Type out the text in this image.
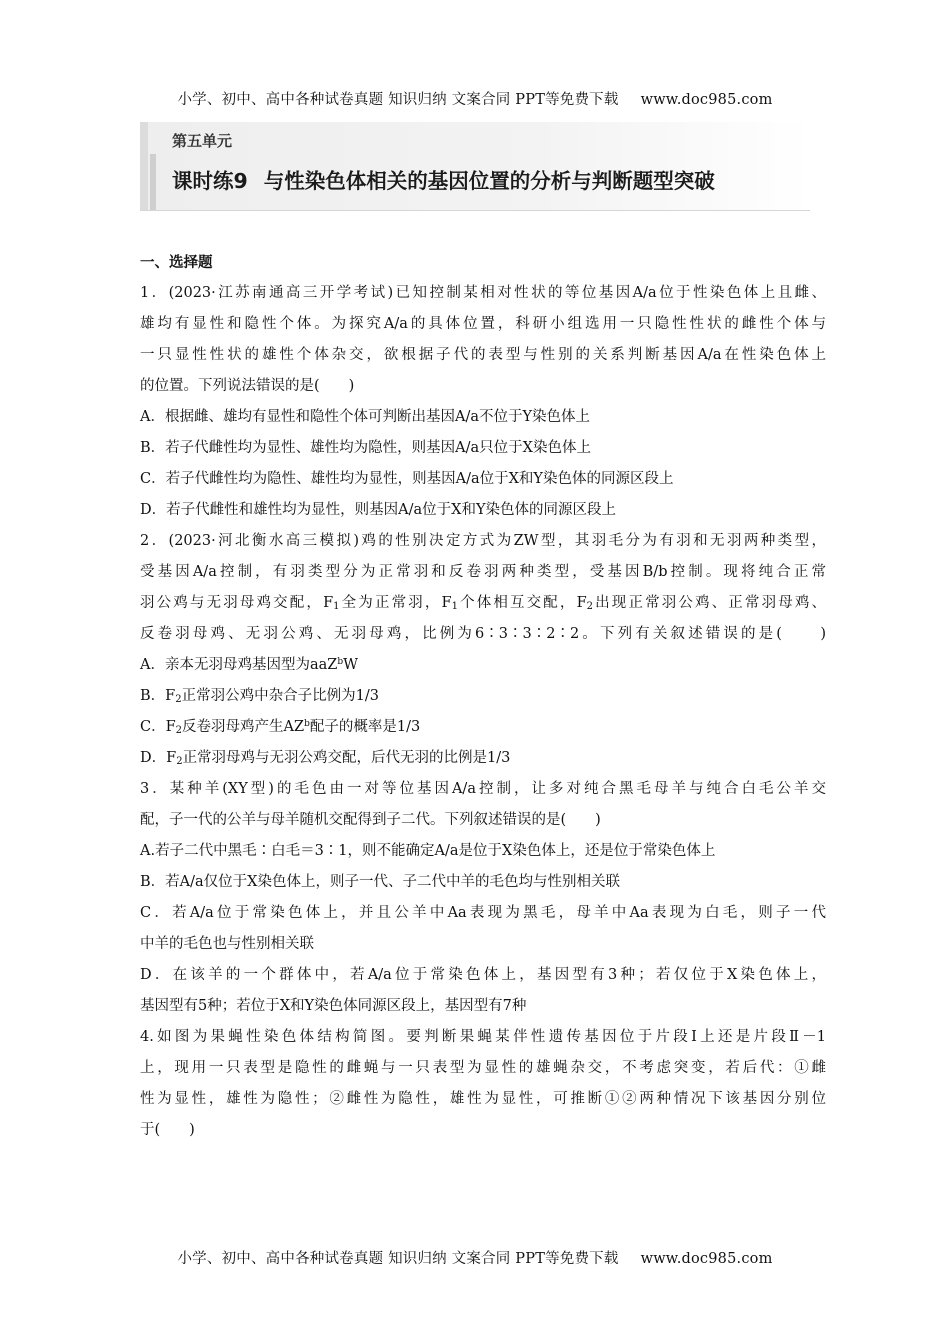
小学、初中、高中各种试卷真题 知识归纳 文案合同 PPT等免费下载 www.doc985.com
第五单元
课时练9 与性染色体相关的基因位置的分析与判断题型突破
一、选择题
1．(2023·江苏南通高三开学考试)已知控制某相对性状的等位基因A/a位于性染色体上且雌、
雄均有显性和隐性个体。为探究A/a的具体位置，科研小组选用一只隐性性状的雌性个体与
一只显性性状的雄性个体杂交，欲根据子代的表型与性别的关系判断基因A/a在性染色体上
的位置。下列说法错误的是(　　)
A．根据雌、雄均有显性和隐性个体可判断出基因A/a不位于Y染色体上
B．若子代雌性均为显性、雄性均为隐性，则基因A/a只位于X染色体上
C．若子代雌性均为隐性、雄性均为显性，则基因A/a位于X和Y染色体的同源区段上
D．若子代雌性和雄性均为显性，则基因A/a位于X和Y染色体的同源区段上
2．(2023·河北衡水高三模拟)鸡的性别决定方式为ZW型，其羽毛分为有羽和无羽两种类型，
受基因A/a控制，有羽类型分为正常羽和反卷羽两种类型，受基因B/b控制。现将纯合正常
羽公鸡与无羽母鸡交配，$F_1$全为正常羽，$F_1$个体相互交配，$F_2$出现正常羽公鸡、正常羽母鸡、
反卷羽母鸡、无羽公鸡、无羽母鸡，比例为6∶3∶3∶2∶2。下列有关叙述错误的是(　　)
A．亲本无羽母鸡基因型为aaZ$^b$W
B．$F_2$正常羽公鸡中杂合子比例为1/3
C．$F_2$反卷羽母鸡产生$AZ^b$配子的概率是1/3
D．$F_2$正常羽母鸡与无羽公鸡交配，后代无羽的比例是1/3
3．某种羊(XY型)的毛色由一对等位基因A/a控制，让多对纯合黑毛母羊与纯合白毛公羊交
配，子一代的公羊与母羊随机交配得到子二代。下列叙述错误的是(　　)
A.若子二代中黑毛∶白毛＝3∶1，则不能确定A/a是位于X染色体上，还是位于常染色体上
B．若A/a仅位于X染色体上，则子一代、子二代中羊的毛色均与性别相关联
C．若A/a位于常染色体上，并且公羊中Aa表现为黑毛，母羊中Aa表现为白毛，则子一代
中羊的毛色也与性别相关联
D．在该羊的一个群体中，若A/a位于常染色体上，基因型有3种；若仅位于X染色体上，
基因型有5种；若位于X和Y染色体同源区段上，基因型有7种
4.如图为果蝇性染色体结构简图。要判断果蝇某伴性遗传基因位于片段Ⅰ上还是片段Ⅱ－1
上，现用一只表型是隐性的雌蝇与一只表型为显性的雄蝇杂交，不考虑突变，若后代：①雌
性为显性，雄性为隐性；②雌性为隐性，雄性为显性，可推断①②两种情况下该基因分别位
于(　　)
小学、初中、高中各种试卷真题 知识归纳 文案合同 PPT等免费下载 www.doc985.com
